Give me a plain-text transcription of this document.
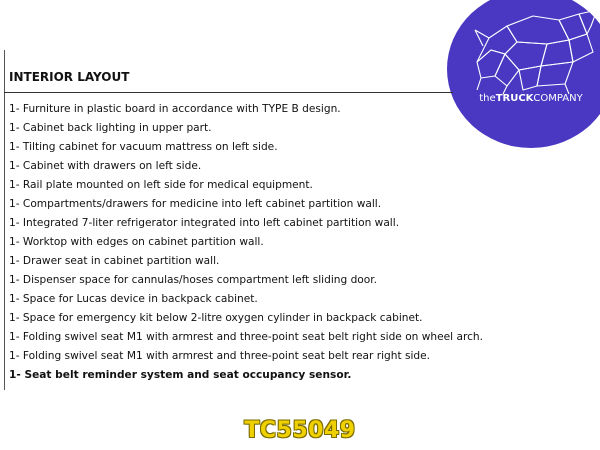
theTRUCKCOMPANY
INTERIOR LAYOUT
1- Furniture in plastic board in accordance with TYPE B design.
1- Cabinet back lighting in upper part.
1- Tilting cabinet for vacuum mattress on left side.
1- Cabinet with drawers on left side.
1- Rail plate mounted on left side for medical equipment.
1- Compartments/drawers for medicine into left cabinet partition wall.
1- Integrated 7-liter refrigerator integrated into left cabinet partition wall.
1- Worktop with edges on cabinet partition wall.
1- Drawer seat in cabinet partition wall.
1- Dispenser space for cannulas/hoses compartment left sliding door.
1- Space for Lucas device in backpack cabinet.
1- Space for emergency kit below 2-litre oxygen cylinder in backpack cabinet.
1- Folding swivel seat M1 with armrest and three-point seat belt right side on wheel arch.
1- Folding swivel seat M1 with armrest and three-point seat belt rear right side.
1- Seat belt reminder system and seat occupancy sensor.
TC55049
